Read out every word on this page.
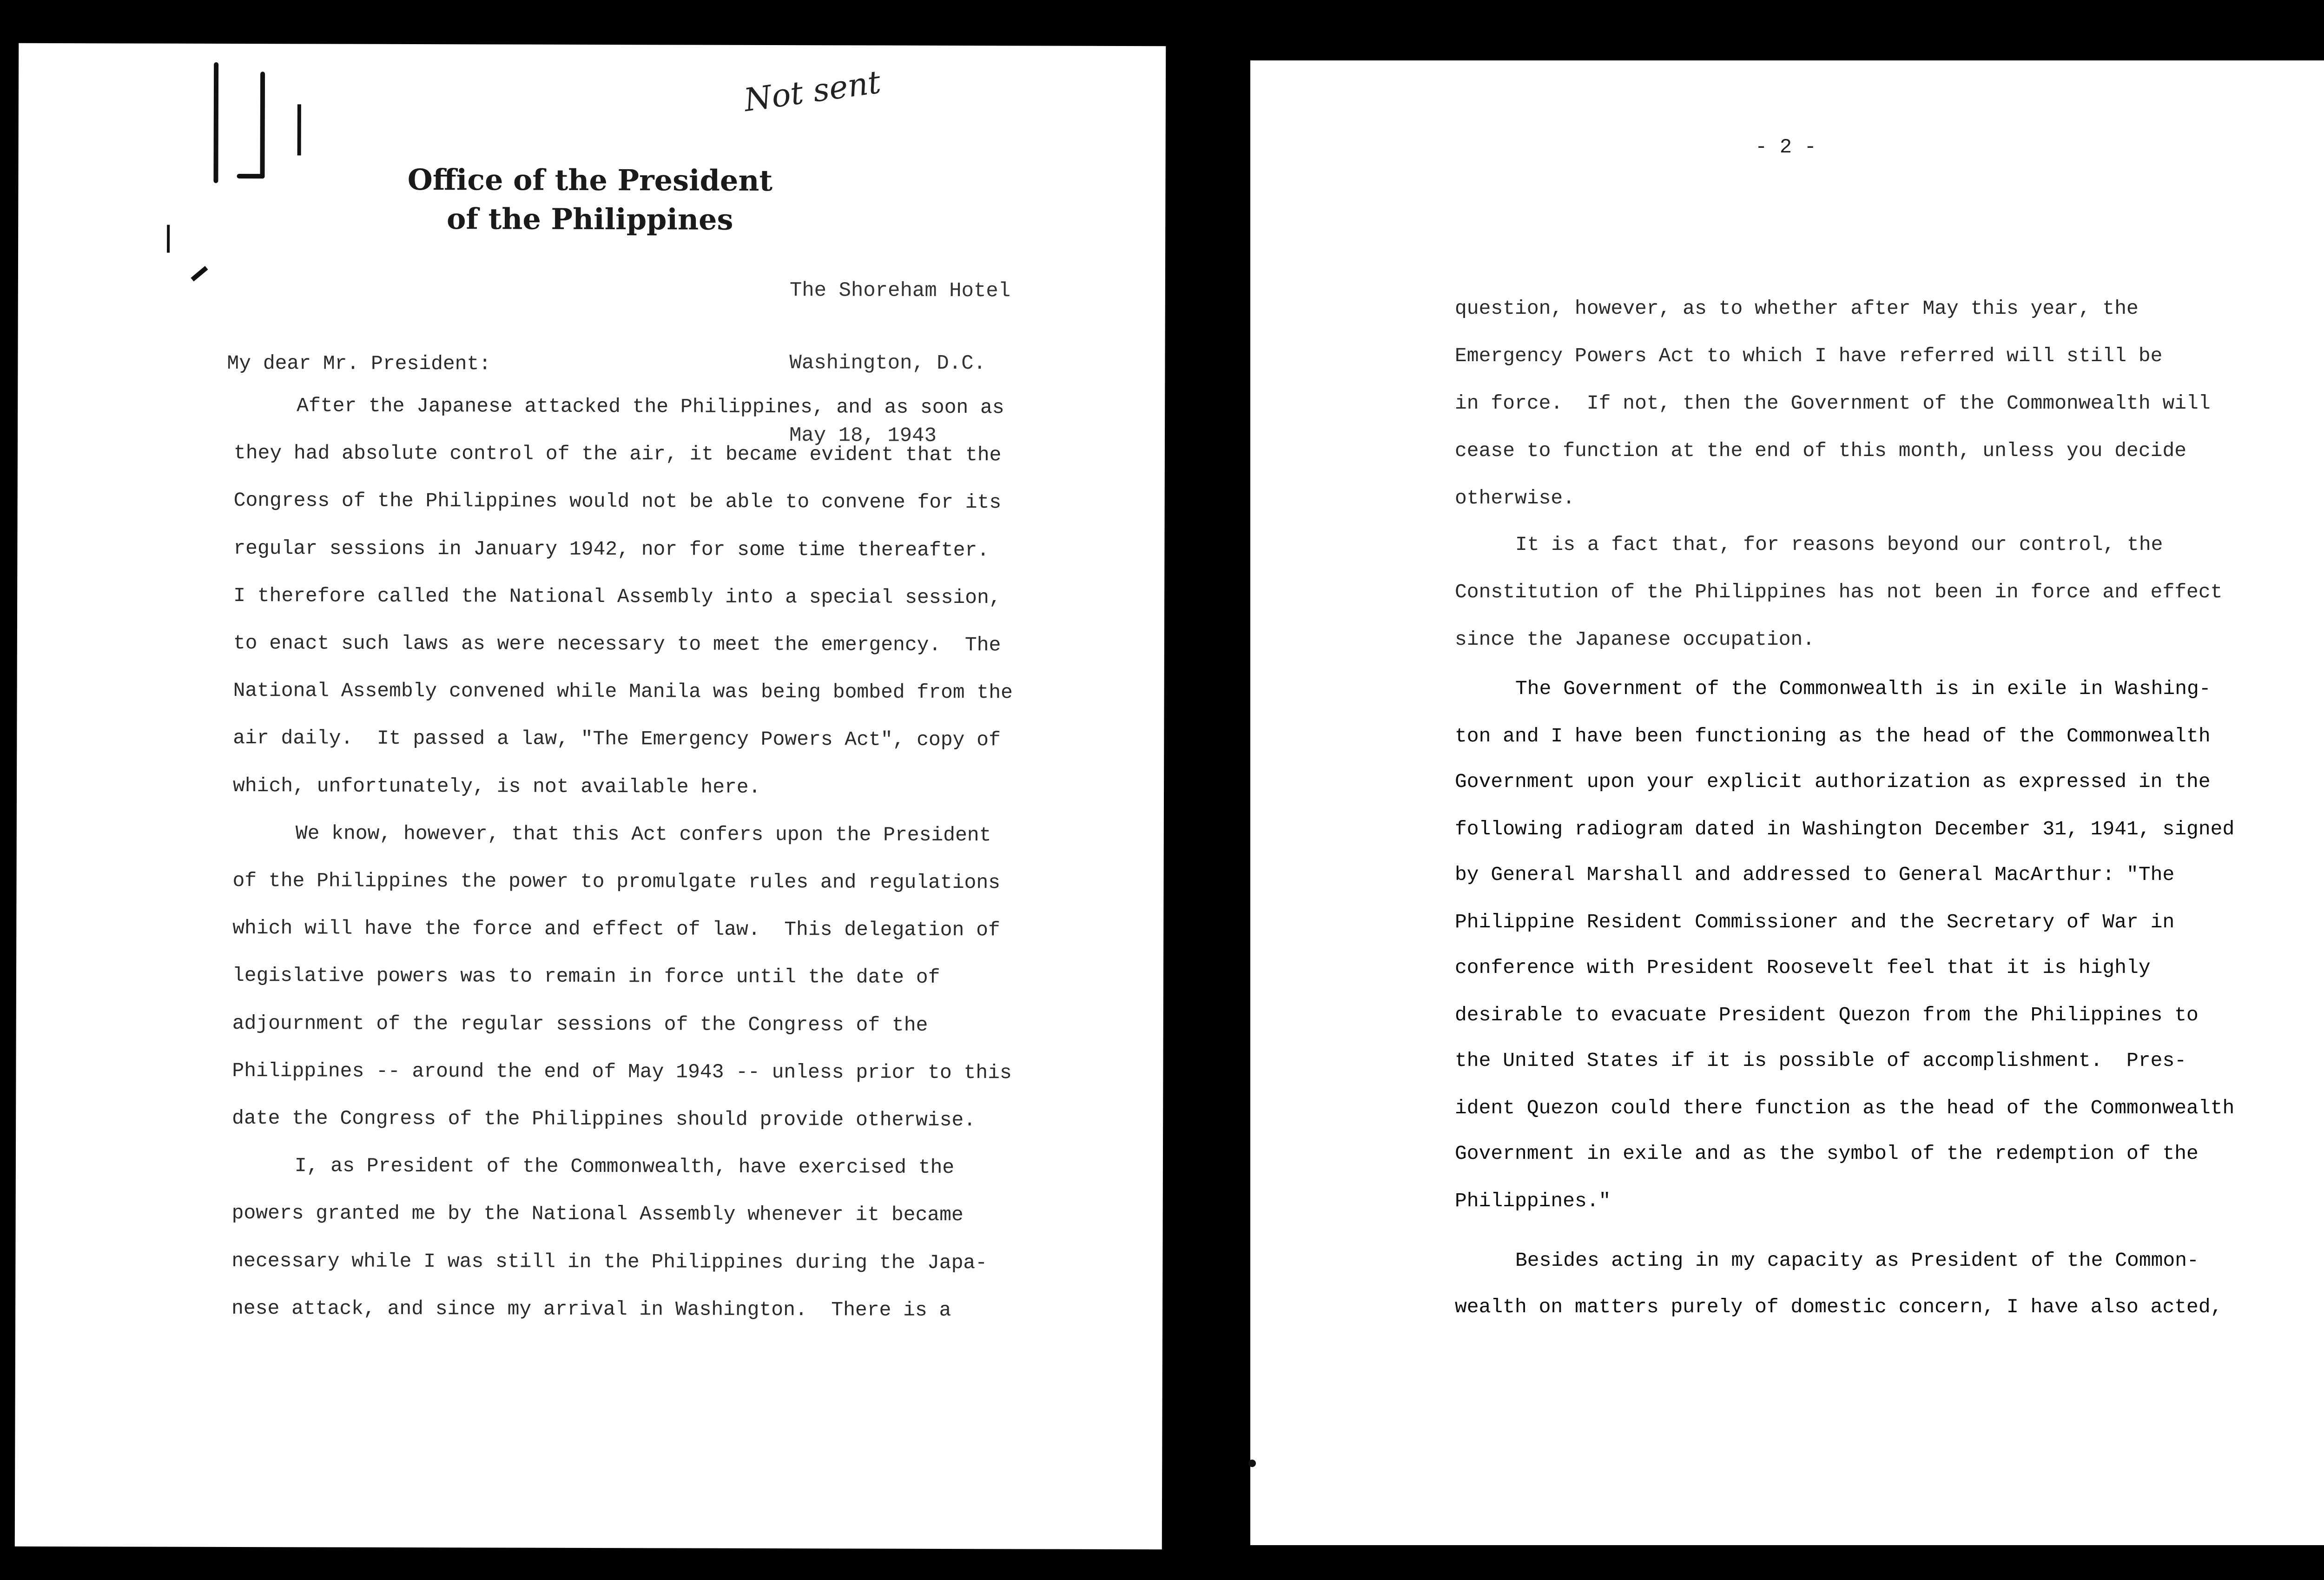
Not sent
Office of the President
of the Philippines

The Shoreham Hotel

Washington, D.C.

May 18, 1943

My dear Mr. President:
After the Japanese attacked the Philippines, and as soon as
they had absolute control of the air, it became evident that the
Congress of the Philippines would not be able to convene for its
regular sessions in January 1942, nor for some time thereafter.
I therefore called the National Assembly into a special session,
to enact such laws as were necessary to meet the emergency.  The
National Assembly convened while Manila was being bombed from the
air daily.  It passed a law, "The Emergency Powers Act", copy of
which, unfortunately, is not available here.
We know, however, that this Act confers upon the President
of the Philippines the power to promulgate rules and regulations
which will have the force and effect of law.  This delegation of
legislative powers was to remain in force until the date of
adjournment of the regular sessions of the Congress of the
Philippines -- around the end of May 1943 -- unless prior to this
date the Congress of the Philippines should provide otherwise.
I, as President of the Commonwealth, have exercised the
powers granted me by the National Assembly whenever it became
necessary while I was still in the Philippines during the Japa-
nese attack, and since my arrival in Washington.  There is a
- 2 -
question, however, as to whether after May this year, the
Emergency Powers Act to which I have referred will still be
in force.  If not, then the Government of the Commonwealth will
cease to function at the end of this month, unless you decide
otherwise.
It is a fact that, for reasons beyond our control, the
Constitution of the Philippines has not been in force and effect
since the Japanese occupation.
The Government of the Commonwealth is in exile in Washing-
ton and I have been functioning as the head of the Commonwealth
Government upon your explicit authorization as expressed in the
following radiogram dated in Washington December 31, 1941, signed
by General Marshall and addressed to General MacArthur: "The
Philippine Resident Commissioner and the Secretary of War in
conference with President Roosevelt feel that it is highly
desirable to evacuate President Quezon from the Philippines to
the United States if it is possible of accomplishment.  Pres-
ident Quezon could there function as the head of the Commonwealth
Government in exile and as the symbol of the redemption of the
Philippines."
Besides acting in my capacity as President of the Common-
wealth on matters purely of domestic concern, I have also acted,
